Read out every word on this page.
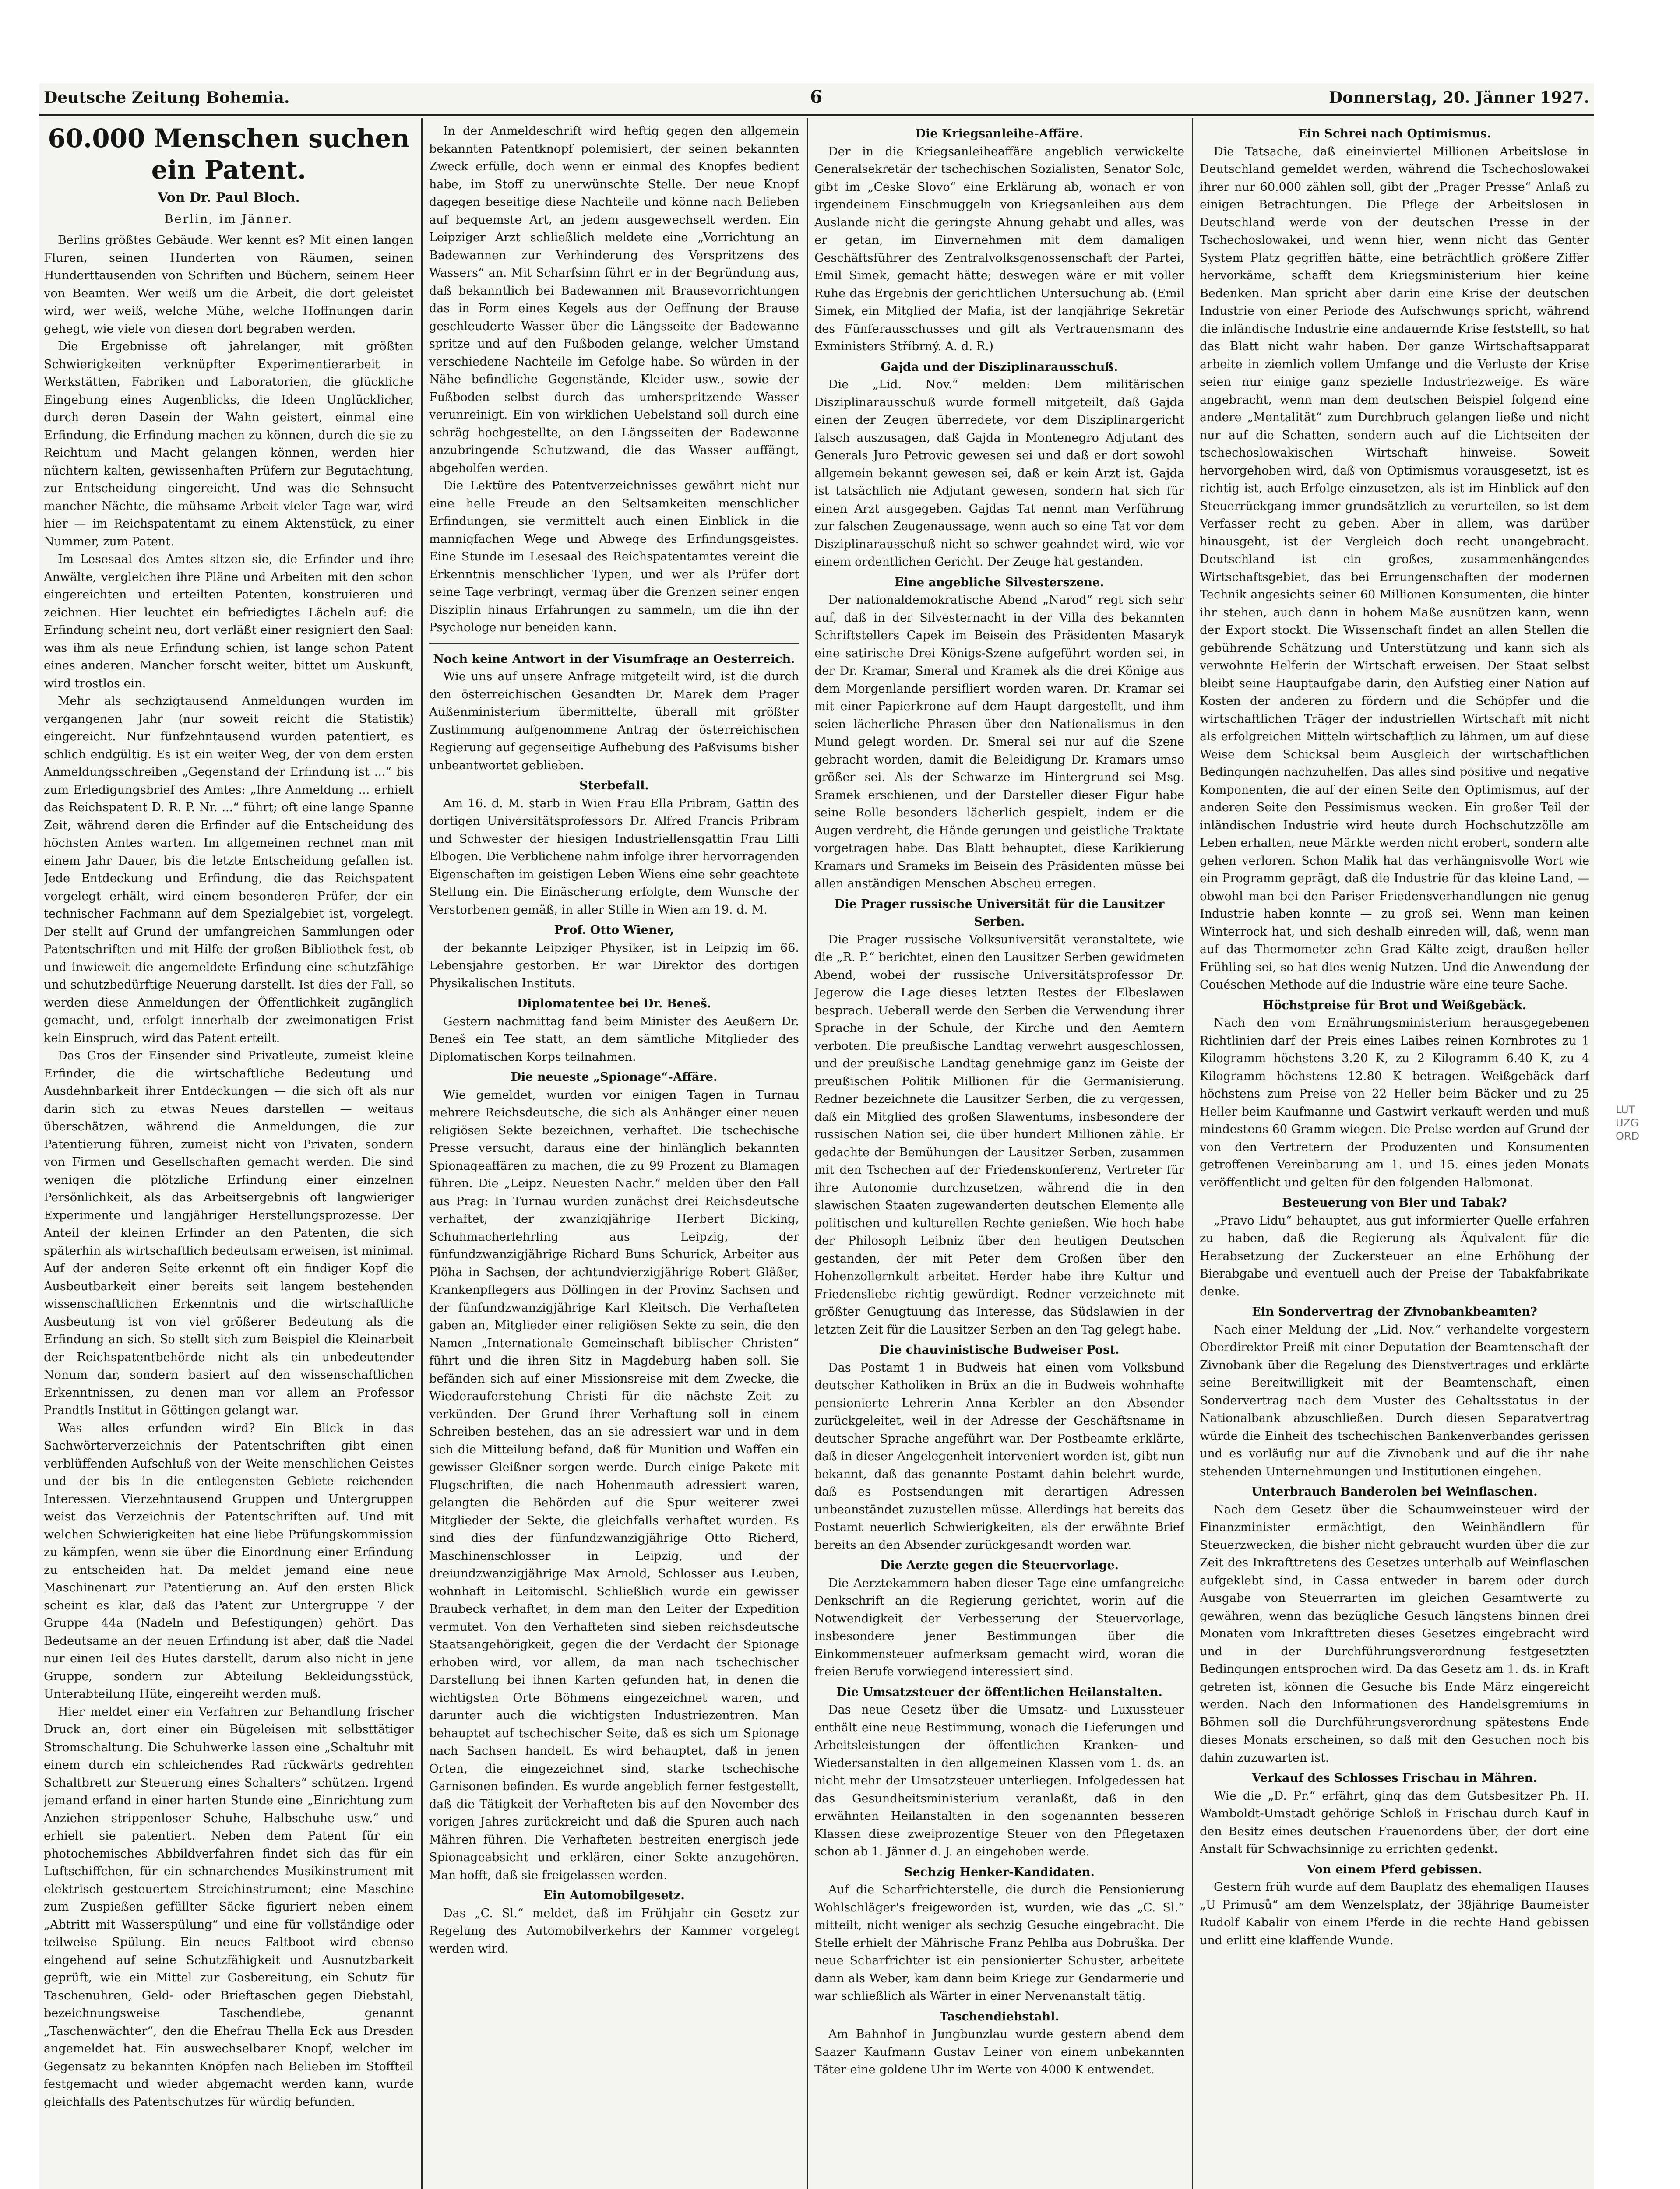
Deutsche Zeitung Bohemia.	6	Donnerstag, 20. Jänner 1927.
60.000 Menschen suchen ein Patent.
Von Dr. Paul Bloch.
Berlin, im Jänner.

Berlins größtes Gebäude. Wer kennt es? Mit einen langen Fluren, seinen Hunderten von Räumen, seinen Hunderttausenden von Schriften und Büchern, seinem Heer von Beamten. Wer weiß um die Arbeit, die dort geleistet wird, wer weiß, welche Mühe, welche Hoffnungen darin gehegt, wie viele von diesen dort begraben werden.

Die Ergebnisse oft jahrelanger, mit größten Schwierigkeiten verknüpfter Experimentierarbeit in Werkstätten, Fabriken und Laboratorien, die glückliche Eingebung eines Augenblicks, die Ideen Unglücklicher, durch deren Dasein der Wahn geistert, einmal eine Erfindung, die Erfindung machen zu können, durch die sie zu Reichtum und Macht gelangen können, werden hier nüchtern kalten, gewissenhaften Prüfern zur Begutachtung, zur Entscheidung eingereicht. Und was die Sehnsucht mancher Nächte, die mühsame Arbeit vieler Tage war, wird hier — im Reichspatentamt zu einem Aktenstück, zu einer Nummer, zum Patent.

Im Lesesaal des Amtes sitzen sie, die Erfinder und ihre Anwälte, vergleichen ihre Pläne und Arbeiten mit den schon eingereichten und erteilten Patenten, konstruieren und zeichnen. Hier leuchtet ein befriedigtes Lächeln auf: die Erfindung scheint neu, dort verläßt einer resigniert den Saal: was ihm als neue Erfindung schien, ist lange schon Patent eines anderen. Mancher forscht weiter, bittet um Auskunft, wird trostlos ein.

Mehr als sechzigtausend Anmeldungen wurden im vergangenen Jahr (nur soweit reicht die Statistik) eingereicht. Nur fünfzehntausend wurden patentiert, es schlich endgültig. Es ist ein weiter Weg, der von dem ersten Anmeldungsschreiben „Gegenstand der Erfindung ist ...“ bis zum Erledigungsbrief des Amtes: „Ihre Anmeldung ... erhielt das Reichspatent D. R. P. Nr. ...“ führt; oft eine lange Spanne Zeit, während deren die Erfinder auf die Entscheidung des höchsten Amtes warten. Im allgemeinen rechnet man mit einem Jahr Dauer, bis die letzte Entscheidung gefallen ist. Jede Entdeckung und Erfindung, die das Reichspatent vorgelegt erhält, wird einem besonderen Prüfer, der ein technischer Fachmann auf dem Spezialgebiet ist, vorgelegt. Der stellt auf Grund der umfangreichen Sammlungen oder Patentschriften und mit Hilfe der großen Bibliothek fest, ob und inwieweit die angemeldete Erfindung eine schutzfähige und schutzbedürftige Neuerung darstellt. Ist dies der Fall, so werden diese Anmeldungen der Öffentlichkeit zugänglich gemacht, und, erfolgt innerhalb der zweimonatigen Frist kein Einspruch, wird das Patent erteilt.

Das Gros der Einsender sind Privatleute, zumeist kleine Erfinder, die die wirtschaftliche Bedeutung und Ausdehnbarkeit ihrer Entdeckungen — die sich oft als nur darin sich zu etwas Neues darstellen — weitaus überschätzen, während die Anmeldungen, die zur Patentierung führen, zumeist nicht von Privaten, sondern von Firmen und Gesellschaften gemacht werden. Die sind wenigen die plötzliche Erfindung einer einzelnen Persönlichkeit, als das Arbeitsergebnis oft langwieriger Experimente und langjähriger Herstellungsprozesse. Der Anteil der kleinen Erfinder an den Patenten, die sich späterhin als wirtschaftlich bedeutsam erweisen, ist minimal. Auf der anderen Seite erkennt oft ein findiger Kopf die Ausbeutbarkeit einer bereits seit langem bestehenden wissenschaftlichen Erkenntnis und die wirtschaftliche Ausbeutung ist von viel größerer Bedeutung als die Erfindung an sich. So stellt sich zum Beispiel die Kleinarbeit der Reichspatentbehörde nicht als ein unbedeutender Nonum dar, sondern basiert auf den wissenschaftlichen Erkenntnissen, zu denen man vor allem an Professor Prandtls Institut in Göttingen gelangt war.

Was alles erfunden wird? Ein Blick in das Sachwörterverzeichnis der Patentschriften gibt einen verblüffenden Aufschluß von der Weite menschlichen Geistes und der bis in die entlegensten Gebiete reichenden Interessen. Vierzehntausend Gruppen und Untergruppen weist das Verzeichnis der Patentschriften auf. Und mit welchen Schwierigkeiten hat eine liebe Prüfungskommission zu kämpfen, wenn sie über die Einordnung einer Erfindung zu entscheiden hat. Da meldet jemand eine neue Maschinenart zur Patentierung an. Auf den ersten Blick scheint es klar, daß das Patent zur Untergruppe 7 der Gruppe 44a (Nadeln und Befestigungen) gehört. Das Bedeutsame an der neuen Erfindung ist aber, daß die Nadel nur einen Teil des Hutes darstellt, darum also nicht in jene Gruppe, sondern zur Abteilung Bekleidungsstück, Unterabteilung Hüte, eingereiht werden muß.

Hier meldet einer ein Verfahren zur Behandlung frischer Druck an, dort einer ein Bügeleisen mit selbsttätiger Stromschaltung. Die Schuhwerke lassen eine „Schaltuhr mit einem durch ein schleichendes Rad rückwärts gedrehten Schaltbrett zur Steuerung eines Schalters“ schützen. Irgend jemand erfand in einer harten Stunde eine „Einrichtung zum Anziehen strippenloser Schuhe, Halbschuhe usw.“ und erhielt sie patentiert. Neben dem Patent für ein photochemisches Abbildverfahren findet sich das für ein Luftschiffchen, für ein schnarchendes Musikinstrument mit elektrisch gesteuertem Streichinstrument; eine Maschine zum Zuspießen gefüllter Säcke figuriert neben einem „Abtritt mit Wasserspülung“ und eine für vollständige oder teilweise Spülung. Ein neues Faltboot wird ebenso eingehend auf seine Schutzfähigkeit und Ausnutzbarkeit geprüft, wie ein Mittel zur Gasbereitung, ein Schutz für Taschenuhren, Geld- oder Brieftaschen gegen Diebstahl, bezeichnungsweise Taschendiebe, genannt „Taschenwächter“, den die Ehefrau Thella Eck aus Dresden angemeldet hat. Ein auswechselbarer Knopf, welcher im Gegensatz zu bekannten Knöpfen nach Belieben im Stoffteil festgemacht und wieder abgemacht werden kann, wurde gleichfalls des Patentschutzes für würdig befunden.

In der Anmeldeschrift wird heftig gegen den allgemein bekannten Patentknopf polemisiert, der seinen bekannten Zweck erfülle, doch wenn er einmal des Knopfes bedient habe, im Stoff zu unerwünschte Stelle. Der neue Knopf dagegen beseitige diese Nachteile und könne nach Belieben auf bequemste Art, an jedem ausgewechselt werden. Ein Leipziger Arzt schließlich meldete eine „Vorrichtung an Badewannen zur Verhinderung des Verspritzens des Wassers“ an. Mit Scharfsinn führt er in der Begründung aus, daß bekanntlich bei Badewannen mit Brausevorrichtungen das in Form eines Kegels aus der Oeffnung der Brause geschleuderte Wasser über die Längsseite der Badewanne spritze und auf den Fußboden gelange, welcher Umstand verschiedene Nachteile im Gefolge habe. So würden in der Nähe befindliche Gegenstände, Kleider usw., sowie der Fußboden selbst durch das umherspritzende Wasser verunreinigt. Ein von wirklichen Uebelstand soll durch eine schräg hochgestellte, an den Längsseiten der Badewanne anzubringende Schutzwand, die das Wasser auffängt, abgeholfen werden.

Die Lektüre des Patentverzeichnisses gewährt nicht nur eine helle Freude an den Seltsamkeiten menschlicher Erfindungen, sie vermittelt auch einen Einblick in die mannigfachen Wege und Abwege des Erfindungsgeistes. Eine Stunde im Lesesaal des Reichspatentamtes vereint die Erkenntnis menschlicher Typen, und wer als Prüfer dort seine Tage verbringt, vermag über die Grenzen seiner engen Disziplin hinaus Erfahrungen zu sammeln, um die ihn der Psychologe nur beneiden kann.

Noch keine Antwort in der Visumfrage an Oesterreich.

Wie uns auf unsere Anfrage mitgeteilt wird, ist die durch den österreichischen Gesandten Dr. Marek dem Prager Außenministerium übermittelte, überall mit größter Zustimmung aufgenommene Antrag der österreichischen Regierung auf gegenseitige Aufhebung des Paßvisums bisher unbeantwortet geblieben.

Sterbefall.

Am 16. d. M. starb in Wien Frau Ella Pribram, Gattin des dortigen Universitätsprofessors Dr. Alfred Francis Pribram und Schwester der hiesigen Industriellensgattin Frau Lilli Elbogen. Die Verblichene nahm infolge ihrer hervorragenden Eigenschaften im geistigen Leben Wiens eine sehr geachtete Stellung ein. Die Einäscherung erfolgte, dem Wunsche der Verstorbenen gemäß, in aller Stille in Wien am 19. d. M.

Prof. Otto Wiener,

der bekannte Leipziger Physiker, ist in Leipzig im 66. Lebensjahre gestorben. Er war Direktor des dortigen Physikalischen Instituts.

Diplomatentee bei Dr. Beneš.

Gestern nachmittag fand beim Minister des Aeußern Dr. Beneš ein Tee statt, an dem sämtliche Mitglieder des Diplomatischen Korps teilnahmen.

Die neueste „Spionage“-Affäre.

Wie gemeldet, wurden vor einigen Tagen in Turnau mehrere Reichsdeutsche, die sich als Anhänger einer neuen religiösen Sekte bezeichnen, verhaftet. Die tschechische Presse versucht, daraus eine der hinlänglich bekannten Spionageaffären zu machen, die zu 99 Prozent zu Blamagen führen. Die „Leipz. Neuesten Nachr.“ melden über den Fall aus Prag: In Turnau wurden zunächst drei Reichsdeutsche verhaftet, der zwanzigjährige Herbert Bicking, Schuhmacherlehrling aus Leipzig, der fünfundzwanzigjährige Richard Buns Schurick, Arbeiter aus Plöha in Sachsen, der achtundvierzigjährige Robert Gläßer, Krankenpflegers aus Döllingen in der Provinz Sachsen und der fünfundzwanzigjährige Karl Kleitsch. Die Verhafteten gaben an, Mitglieder einer religiösen Sekte zu sein, die den Namen „Internationale Gemeinschaft biblischer Christen“ führt und die ihren Sitz in Magdeburg haben soll. Sie befänden sich auf einer Missionsreise mit dem Zwecke, die Wiederauferstehung Christi für die nächste Zeit zu verkünden. Der Grund ihrer Verhaftung soll in einem Schreiben bestehen, das an sie adressiert war und in dem sich die Mitteilung befand, daß für Munition und Waffen ein gewisser Gleißner sorgen werde. Durch einige Pakete mit Flugschriften, die nach Hohenmauth adressiert waren, gelangten die Behörden auf die Spur weiterer zwei Mitglieder der Sekte, die gleichfalls verhaftet wurden. Es sind dies der fünfundzwanzigjährige Otto Richerd, Maschinenschlosser in Leipzig, und der dreiundzwanzigjährige Max Arnold, Schlosser aus Leuben, wohnhaft in Leitomischl. Schließlich wurde ein gewisser Braubeck verhaftet, in dem man den Leiter der Expedition vermutet. Von den Verhafteten sind sieben reichsdeutsche Staatsangehörigkeit, gegen die der Verdacht der Spionage erhoben wird, vor allem, da man nach tschechischer Darstellung bei ihnen Karten gefunden hat, in denen die wichtigsten Orte Böhmens eingezeichnet waren, und darunter auch die wichtigsten Industriezentren. Man behauptet auf tschechischer Seite, daß es sich um Spionage nach Sachsen handelt. Es wird behauptet, daß in jenen Orten, die eingezeichnet sind, starke tschechische Garnisonen befinden. Es wurde angeblich ferner festgestellt, daß die Tätigkeit der Verhafteten bis auf den November des vorigen Jahres zurückreicht und daß die Spuren auch nach Mähren führen. Die Verhafteten bestreiten energisch jede Spionageabsicht und erklären, einer Sekte anzugehören. Man hofft, daß sie freigelassen werden.

Ein Automobilgesetz.

Das „C. Sl.“ meldet, daß im Frühjahr ein Gesetz zur Regelung des Automobilverkehrs der Kammer vorgelegt werden wird.

Die Kriegsanleihe-Affäre.

Der in die Kriegsanleiheaffäre angeblich verwickelte Generalsekretär der tschechischen Sozialisten, Senator Solc, gibt im „Ceske Slovo“ eine Erklärung ab, wonach er von irgendeinem Einschmuggeln von Kriegsanleihen aus dem Auslande nicht die geringste Ahnung gehabt und alles, was er getan, im Einvernehmen mit dem damaligen Geschäftsführer des Zentralvolksgenossenschaft der Partei, Emil Simek, gemacht hätte; deswegen wäre er mit voller Ruhe das Ergebnis der gerichtlichen Untersuchung ab. (Emil Simek, ein Mitglied der Mafia, ist der langjährige Sekretär des Fünferausschusses und gilt als Vertrauensmann des Exministers Stříbrný. A. d. R.)

Gajda und der Disziplinarausschuß.

Die „Lid. Nov.“ melden: Dem militärischen Disziplinarausschuß wurde formell mitgeteilt, daß Gajda einen der Zeugen überredete, vor dem Disziplinargericht falsch auszusagen, daß Gajda in Montenegro Adjutant des Generals Juro Petrovic gewesen sei und daß er dort sowohl allgemein bekannt gewesen sei, daß er kein Arzt ist. Gajda ist tatsächlich nie Adjutant gewesen, sondern hat sich für einen Arzt ausgegeben. Gajdas Tat nennt man Verführung zur falschen Zeugenaussage, wenn auch so eine Tat vor dem Disziplinarausschuß nicht so schwer geahndet wird, wie vor einem ordentlichen Gericht. Der Zeuge hat gestanden.

Eine angebliche Silvesterszene.

Der nationaldemokratische Abend „Narod“ regt sich sehr auf, daß in der Silvesternacht in der Villa des bekannten Schriftstellers Capek im Beisein des Präsidenten Masaryk eine satirische Drei Königs-Szene aufgeführt worden sei, in der Dr. Kramar, Smeral und Kramek als die drei Könige aus dem Morgenlande persifliert worden waren. Dr. Kramar sei mit einer Papierkrone auf dem Haupt dargestellt, und ihm seien lächerliche Phrasen über den Nationalismus in den Mund gelegt worden. Dr. Smeral sei nur auf die Szene gebracht worden, damit die Beleidigung Dr. Kramars umso größer sei. Als der Schwarze im Hintergrund sei Msg. Sramek erschienen, und der Darsteller dieser Figur habe seine Rolle besonders lächerlich gespielt, indem er die Augen verdreht, die Hände gerungen und geistliche Traktate vorgetragen habe. Das Blatt behauptet, diese Karikierung Kramars und Srameks im Beisein des Präsidenten müsse bei allen anständigen Menschen Abscheu erregen.

Die Prager russische Universität für die Lausitzer Serben.

Die Prager russische Volksuniversität veranstaltete, wie die „R. P.“ berichtet, einen den Lausitzer Serben gewidmeten Abend, wobei der russische Universitätsprofessor Dr. Jegerow die Lage dieses letzten Restes der Elbeslawen besprach. Ueberall werde den Serben die Verwendung ihrer Sprache in der Schule, der Kirche und den Aemtern verboten. Die preußische Landtag verwehrt ausgeschlossen, und der preußische Landtag genehmige ganz im Geiste der preußischen Politik Millionen für die Germanisierung. Redner bezeichnete die Lausitzer Serben, die zu vergessen, daß ein Mitglied des großen Slawentums, insbesondere der russischen Nation sei, die über hundert Millionen zähle. Er gedachte der Bemühungen der Lausitzer Serben, zusammen mit den Tschechen auf der Friedenskonferenz, Vertreter für ihre Autonomie durchzusetzen, während die in den slawischen Staaten zugewanderten deutschen Elemente alle politischen und kulturellen Rechte genießen. Wie hoch habe der Philosoph Leibniz über den heutigen Deutschen gestanden, der mit Peter dem Großen über den Hohenzollernkult arbeitet. Herder habe ihre Kultur und Friedensliebe richtig gewürdigt. Redner verzeichnete mit größter Genugtuung das Interesse, das Südslawien in der letzten Zeit für die Lausitzer Serben an den Tag gelegt habe.

Die chauvinistische Budweiser Post.

Das Postamt 1 in Budweis hat einen vom Volksbund deutscher Katholiken in Brüx an die in Budweis wohnhafte pensionierte Lehrerin Anna Kerbler an den Absender zurückgeleitet, weil in der Adresse der Geschäftsname in deutscher Sprache angeführt war. Der Postbeamte erklärte, daß in dieser Angelegenheit interveniert worden ist, gibt nun bekannt, daß das genannte Postamt dahin belehrt wurde, daß es Postsendungen mit derartigen Adressen unbeanständet zuzustellen müsse. Allerdings hat bereits das Postamt neuerlich Schwierigkeiten, als der erwähnte Brief bereits an den Absender zurückgesandt worden war.

Die Aerzte gegen die Steuervorlage.

Die Aerztekammern haben dieser Tage eine umfangreiche Denkschrift an die Regierung gerichtet, worin auf die Notwendigkeit der Verbesserung der Steuervorlage, insbesondere jener Bestimmungen über die Einkommensteuer aufmerksam gemacht wird, woran die freien Berufe vorwiegend interessiert sind.

Die Umsatzsteuer der öffentlichen Heilanstalten.

Das neue Gesetz über die Umsatz- und Luxussteuer enthält eine neue Bestimmung, wonach die Lieferungen und Arbeitsleistungen der öffentlichen Kranken- und Wiedersanstalten in den allgemeinen Klassen vom 1. ds. an nicht mehr der Umsatzsteuer unterliegen. Infolgedessen hat das Gesundheitsministerium veranlaßt, daß in den erwähnten Heilanstalten in den sogenannten besseren Klassen diese zweiprozentige Steuer von den Pflegetaxen schon ab 1. Jänner d. J. an eingehoben werde.

Sechzig Henker-Kandidaten.

Auf die Scharfrichterstelle, die durch die Pensionierung Wohlschläger's freigeworden ist, wurden, wie das „C. Sl.“ mitteilt, nicht weniger als sechzig Gesuche eingebracht. Die Stelle erhielt der Mährische Franz Pehlba aus Dobruška. Der neue Scharfrichter ist ein pensionierter Schuster, arbeitete dann als Weber, kam dann beim Kriege zur Gendarmerie und war schließlich als Wärter in einer Nervenanstalt tätig.

Taschendiebstahl.

Am Bahnhof in Jungbunzlau wurde gestern abend dem Saazer Kaufmann Gustav Leiner von einem unbekannten Täter eine goldene Uhr im Werte von 4000 K entwendet.

Ein Schrei nach Optimismus.

Die Tatsache, daß eineinviertel Millionen Arbeitslose in Deutschland gemeldet werden, während die Tschechoslowakei ihrer nur 60.000 zählen soll, gibt der „Prager Presse“ Anlaß zu einigen Betrachtungen. Die Pflege der Arbeitslosen in Deutschland werde von der deutschen Presse in der Tschechoslowakei, und wenn hier, wenn nicht das Genter System Platz gegriffen hätte, eine beträchtlich größere Ziffer hervorkäme, schafft dem Kriegsministerium hier keine Bedenken. Man spricht aber darin eine Krise der deutschen Industrie von einer Periode des Aufschwungs spricht, während die inländische Industrie eine andauernde Krise feststellt, so hat das Blatt nicht wahr haben. Der ganze Wirtschaftsapparat arbeite in ziemlich vollem Umfange und die Verluste der Krise seien nur einige ganz spezielle Industriezweige. Es wäre angebracht, wenn man dem deutschen Beispiel folgend eine andere „Mentalität“ zum Durchbruch gelangen ließe und nicht nur auf die Schatten, sondern auch auf die Lichtseiten der tschechoslowakischen Wirtschaft hinweise. Soweit hervorgehoben wird, daß von Optimismus vorausgesetzt, ist es richtig ist, auch Erfolge einzusetzen, als ist im Hinblick auf den Steuerrückgang immer grundsätzlich zu verurteilen, so ist dem Verfasser recht zu geben. Aber in allem, was darüber hinausgeht, ist der Vergleich doch recht unangebracht. Deutschland ist ein großes, zusammenhängendes Wirtschaftsgebiet, das bei Errungenschaften der modernen Technik angesichts seiner 60 Millionen Konsumenten, die hinter ihr stehen, auch dann in hohem Maße ausnützen kann, wenn der Export stockt. Die Wissenschaft findet an allen Stellen die gebührende Schätzung und Unterstützung und kann sich als verwohnte Helferin der Wirtschaft erweisen. Der Staat selbst bleibt seine Hauptaufgabe darin, den Aufstieg einer Nation auf Kosten der anderen zu fördern und die Schöpfer und die wirtschaftlichen Träger der industriellen Wirtschaft mit nicht als erfolgreichen Mitteln wirtschaftlich zu lähmen, um auf diese Weise dem Schicksal beim Ausgleich der wirtschaftlichen Bedingungen nachzuhelfen. Das alles sind positive und negative Komponenten, die auf der einen Seite den Optimismus, auf der anderen Seite den Pessimismus wecken. Ein großer Teil der inländischen Industrie wird heute durch Hochschutzzölle am Leben erhalten, neue Märkte werden nicht erobert, sondern alte gehen verloren. Schon Malik hat das verhängnisvolle Wort wie ein Programm geprägt, daß die Industrie für das kleine Land, — obwohl man bei den Pariser Friedensverhandlungen nie genug Industrie haben konnte — zu groß sei. Wenn man keinen Winterrock hat, und sich deshalb einreden will, daß, wenn man auf das Thermometer zehn Grad Kälte zeigt, draußen heller Frühling sei, so hat dies wenig Nutzen. Und die Anwendung der Couéschen Methode auf die Industrie wäre eine teure Sache.

Höchstpreise für Brot und Weißgebäck.

Nach den vom Ernährungsministerium herausgegebenen Richtlinien darf der Preis eines Laibes reinen Kornbrotes zu 1 Kilogramm höchstens 3.20 K, zu 2 Kilogramm 6.40 K, zu 4 Kilogramm höchstens 12.80 K betragen. Weißgebäck darf höchstens zum Preise von 22 Heller beim Bäcker und zu 25 Heller beim Kaufmanne und Gastwirt verkauft werden und muß mindestens 60 Gramm wiegen. Die Preise werden auf Grund der von den Vertretern der Produzenten und Konsumenten getroffenen Vereinbarung am 1. und 15. eines jeden Monats veröffentlicht und gelten für den folgenden Halbmonat.

Besteuerung von Bier und Tabak?

„Pravo Lidu“ behauptet, aus gut informierter Quelle erfahren zu haben, daß die Regierung als Äquivalent für die Herabsetzung der Zuckersteuer an eine Erhöhung der Bierabgabe und eventuell auch der Preise der Tabakfabrikate denke.

Ein Sondervertrag der Zivnobankbeamten?

Nach einer Meldung der „Lid. Nov.“ verhandelte vorgestern Oberdirektor Preiß mit einer Deputation der Beamtenschaft der Zivnobank über die Regelung des Dienstvertrages und erklärte seine Bereitwilligkeit mit der Beamtenschaft, einen Sondervertrag nach dem Muster des Gehaltsstatus in der Nationalbank abzuschließen. Durch diesen Separatvertrag würde die Einheit des tschechischen Bankenverbandes gerissen und es vorläufig nur auf die Zivnobank und auf die ihr nahe stehenden Unternehmungen und Institutionen eingehen.

Unterbrauch Banderolen bei Weinflaschen.

Nach dem Gesetz über die Schaumweinsteuer wird der Finanzminister ermächtigt, den Weinhändlern für Steuerzwecken, die bisher nicht gebraucht wurden über die zur Zeit des Inkrafttretens des Gesetzes unterhalb auf Weinflaschen aufgeklebt sind, in Cassa entweder in barem oder durch Ausgabe von Steuerrarten im gleichen Gesamtwerte zu gewähren, wenn das bezügliche Gesuch längstens binnen drei Monaten vom Inkrafttreten dieses Gesetzes eingebracht wird und in der Durchführungsverordnung festgesetzten Bedingungen entsprochen wird. Da das Gesetz am 1. ds. in Kraft getreten ist, können die Gesuche bis Ende März eingereicht werden. Nach den Informationen des Handelsgremiums in Böhmen soll die Durchführungsverordnung spätestens Ende dieses Monats erscheinen, so daß mit den Gesuchen noch bis dahin zuzuwarten ist.

Verkauf des Schlosses Frischau in Mähren.

Wie die „D. Pr.“ erfährt, ging das dem Gutsbesitzer Ph. H. Wamboldt-Umstadt gehörige Schloß in Frischau durch Kauf in den Besitz eines deutschen Frauenordens über, der dort eine Anstalt für Schwachsinnige zu errichten gedenkt.

Von einem Pferd gebissen.

Gestern früh wurde auf dem Bauplatz des ehemaligen Hauses „U Primusů“ am dem Wenzelsplatz, der 38jährige Baumeister Rudolf Kabalir von einem Pferde in die rechte Hand gebissen und erlitt eine klaffende Wunde.

LUT
UZG
ORD
